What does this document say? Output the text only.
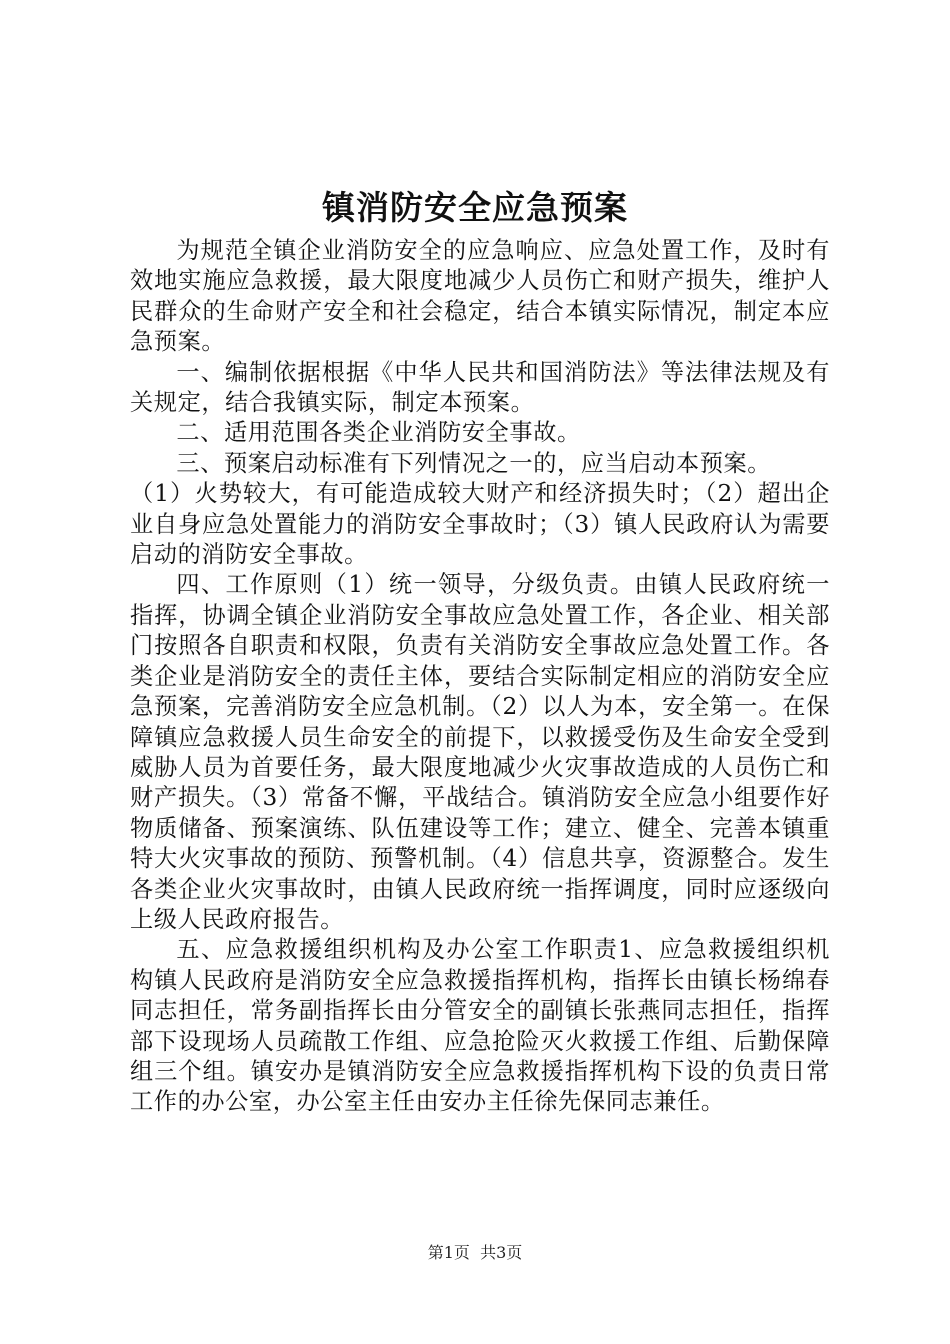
镇消防安全应急预案

为规范全镇企业消防安全的应急响应、应急处置工作，及时有效地实施应急救援，最大限度地减少人员伤亡和财产损失，维护人民群众的生命财产安全和社会稳定，结合本镇实际情况，制定本应急预案。

一、编制依据根据《中华人民共和国消防法》等法律法规及有关规定，结合我镇实际，制定本预案。

二、适用范围各类企业消防安全事故。

三、预案启动标准有下列情况之一的，应当启动本预案。

（1）火势较大，有可能造成较大财产和经济损失时；（2）超出企业自身应急处置能力的消防安全事故时；（3）镇人民政府认为需要启动的消防安全事故。

四、工作原则（1）统一领导，分级负责。由镇人民政府统一指挥，协调全镇企业消防安全事故应急处置工作，各企业、相关部门按照各自职责和权限，负责有关消防安全事故应急处置工作。各类企业是消防安全的责任主体，要结合实际制定相应的消防安全应急预案，完善消防安全应急机制。（2）以人为本，安全第一。在保障镇应急救援人员生命安全的前提下，以救援受伤及生命安全受到威胁人员为首要任务，最大限度地减少火灾事故造成的人员伤亡和财产损失。（3）常备不懈，平战结合。镇消防安全应急小组要作好物质储备、预案演练、队伍建设等工作；建立、健全、完善本镇重特大火灾事故的预防、预警机制。（4）信息共享，资源整合。发生各类企业火灾事故时，由镇人民政府统一指挥调度，同时应逐级向上级人民政府报告。

五、应急救援组织机构及办公室工作职责1、应急救援组织机构镇人民政府是消防安全应急救援指挥机构，指挥长由镇长杨绵春同志担任，常务副指挥长由分管安全的副镇长张燕同志担任，指挥部下设现场人员疏散工作组、应急抢险灭火救援工作组、后勤保障组三个组。镇安办是镇消防安全应急救援指挥机构下设的负责日常工作的办公室，办公室主任由安办主任徐先保同志兼任。

第1页 共3页
